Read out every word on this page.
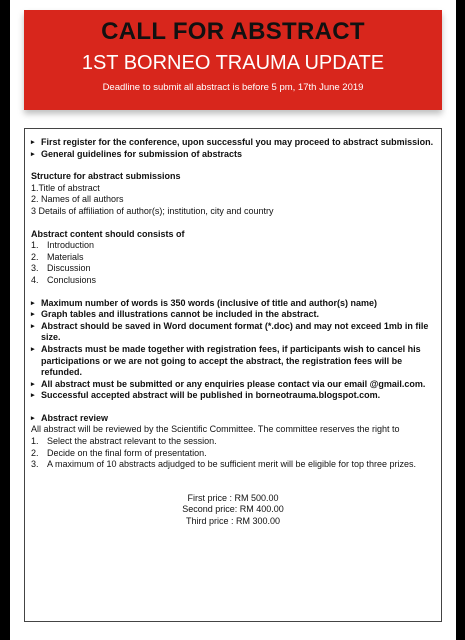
CALL FOR ABSTRACT
1ST BORNEO TRAUMA UPDATE
Deadline to submit all abstract is before 5 pm, 17th June 2019
▸ First register for the conference, upon successful you may proceed to abstract submission.
▸ General guidelines for submission of abstracts
Structure for abstract submissions
1.Title of abstract
2. Names of all authors
3 Details of affiliation of author(s); institution, city and country
Abstract content should consists of
1. Introduction
2. Materials
3. Discussion
4. Conclusions
▸ Maximum number of words is 350 words (inclusive of title and author(s) name)
▸ Graph tables and illustrations cannot be included in the abstract.
▸ Abstract should be saved in Word document format (*.doc) and may not exceed 1mb in file size.
▸ Abstracts must be made together with registration fees, if participants wish to cancel his participations or we are not going to accept the abstract, the registration fees will be refunded.
▸ All abstract must be submitted or any enquiries please contact via our email @gmail.com.
▸ Successful accepted abstract will be published in borneotrauma.blogspot.com.
▸ Abstract review
All abstract will be reviewed by the Scientific Committee. The committee reserves the right to
1. Select the abstract relevant to the session.
2. Decide on the final form of presentation.
3. A maximum of 10 abstracts adjudged to be sufficient merit will be eligible for top three prizes.
First price : RM 500.00
Second price: RM 400.00
Third price : RM 300.00
